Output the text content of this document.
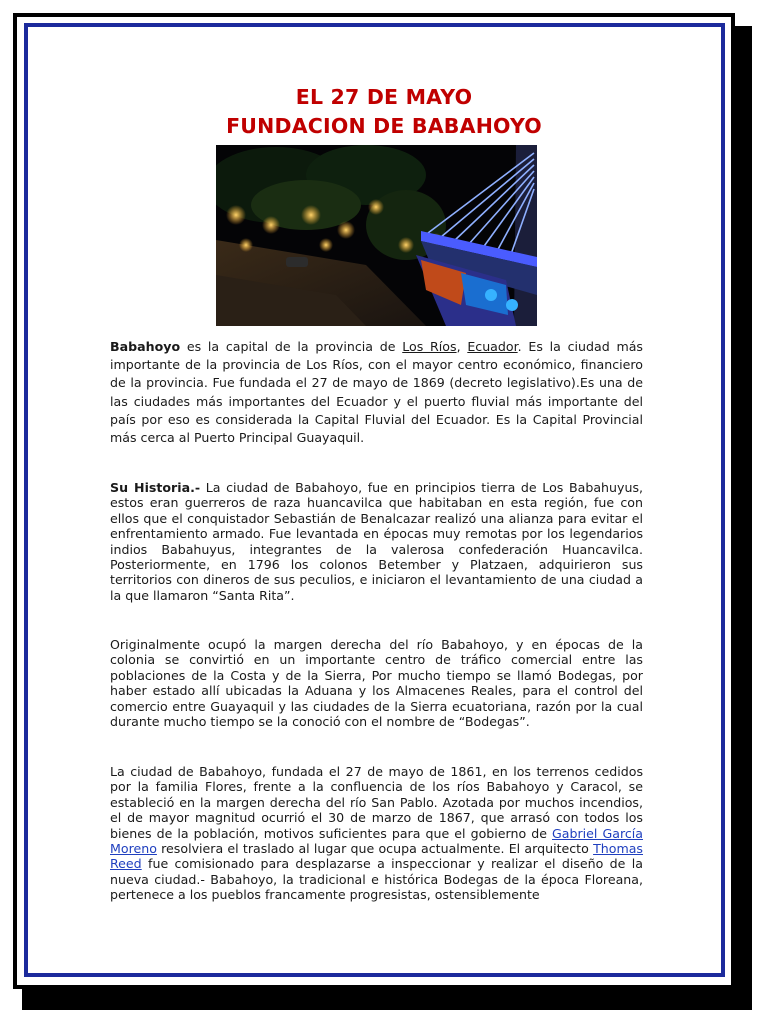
EL 27 DE MAYO
FUNDACION DE BABAHOYO
Babahoyo es la capital de la provincia de Los Ríos, Ecuador. Es la ciudad más importante de la provincia de Los Ríos, con el mayor centro económico, financiero de la provincia. Fue fundada el 27 de mayo de 1869 (decreto legislativo).Es una de las ciudades más importantes del Ecuador y el puerto fluvial más importante del país por eso es considerada la Capital Fluvial del Ecuador. Es la Capital Provincial más cerca al Puerto Principal Guayaquil.
Su Historia.- La ciudad de Babahoyo, fue en principios tierra de Los Babahuyus, estos eran guerreros de raza huancavilca que habitaban en esta región, fue con ellos que el conquistador Sebastián de Benalcazar realizó una alianza para evitar el enfrentamiento armado. Fue levantada en épocas muy remotas por los legendarios indios Babahuyus, integrantes de la valerosa confederación Huancavilca. Posteriormente, en 1796 los colonos Betember y Platzaen, adquirieron sus territorios con dineros de sus peculios, e iniciaron el levantamiento de una ciudad a la que llamaron “Santa Rita”.
Originalmente ocupó la margen derecha del río Babahoyo, y en épocas de la colonia se convirtió en un importante centro de tráfico comercial entre las poblaciones de la Costa y de la Sierra, Por mucho tiempo se llamó Bodegas, por haber estado allí ubicadas la Aduana y los Almacenes Reales, para el control del comercio entre Guayaquil y las ciudades de la Sierra ecuatoriana, razón por la cual durante mucho tiempo se la conoció con el nombre de “Bodegas”.
La ciudad de Babahoyo, fundada el 27 de mayo de 1861, en los terrenos cedidos por la familia Flores, frente a la confluencia de los ríos Babahoyo y Caracol, se estableció en la margen derecha del río San Pablo. Azotada por muchos incendios, el de mayor magnitud ocurrió el 30 de marzo de 1867, que arrasó con todos los bienes de la población, motivos suficientes para que el gobierno de Gabriel García Moreno resolviera el traslado al lugar que ocupa actualmente. El arquitecto Thomas Reed fue comisionado para desplazarse a inspeccionar y realizar el diseño de la nueva ciudad.- Babahoyo, la tradicional e histórica Bodegas de la época Floreana, pertenece a los pueblos francamente progresistas, ostensiblemente
